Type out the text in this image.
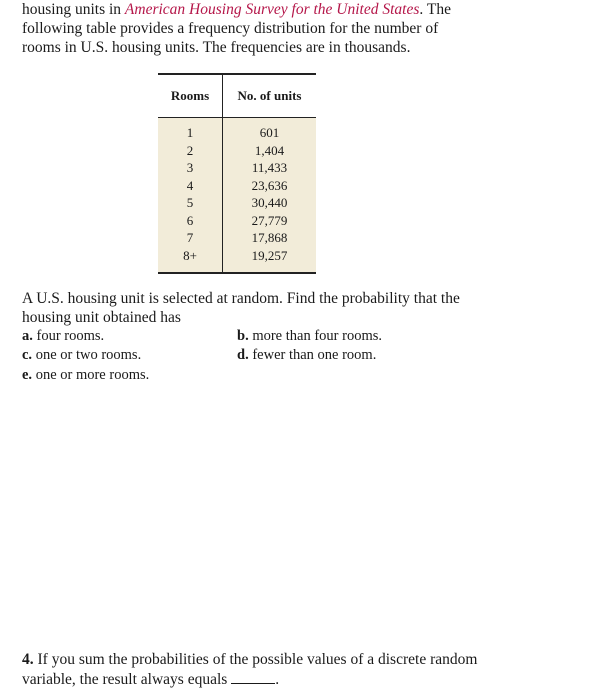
housing units in American Housing Survey for the United States. The following table provides a frequency distribution for the number of rooms in U.S. housing units. The frequencies are in thousands.
Rooms	No. of units
1	601
2	1,404
3	11,433
4	23,636
5	30,440
6	27,779
7	17,868
8+	19,257
A U.S. housing unit is selected at random. Find the probability that the housing unit obtained has
a. four rooms.	b. more than four rooms.
c. one or two rooms.	d. fewer than one room.
e. one or more rooms.
4. If you sum the probabilities of the possible values of a discrete random variable, the result always equals	.
